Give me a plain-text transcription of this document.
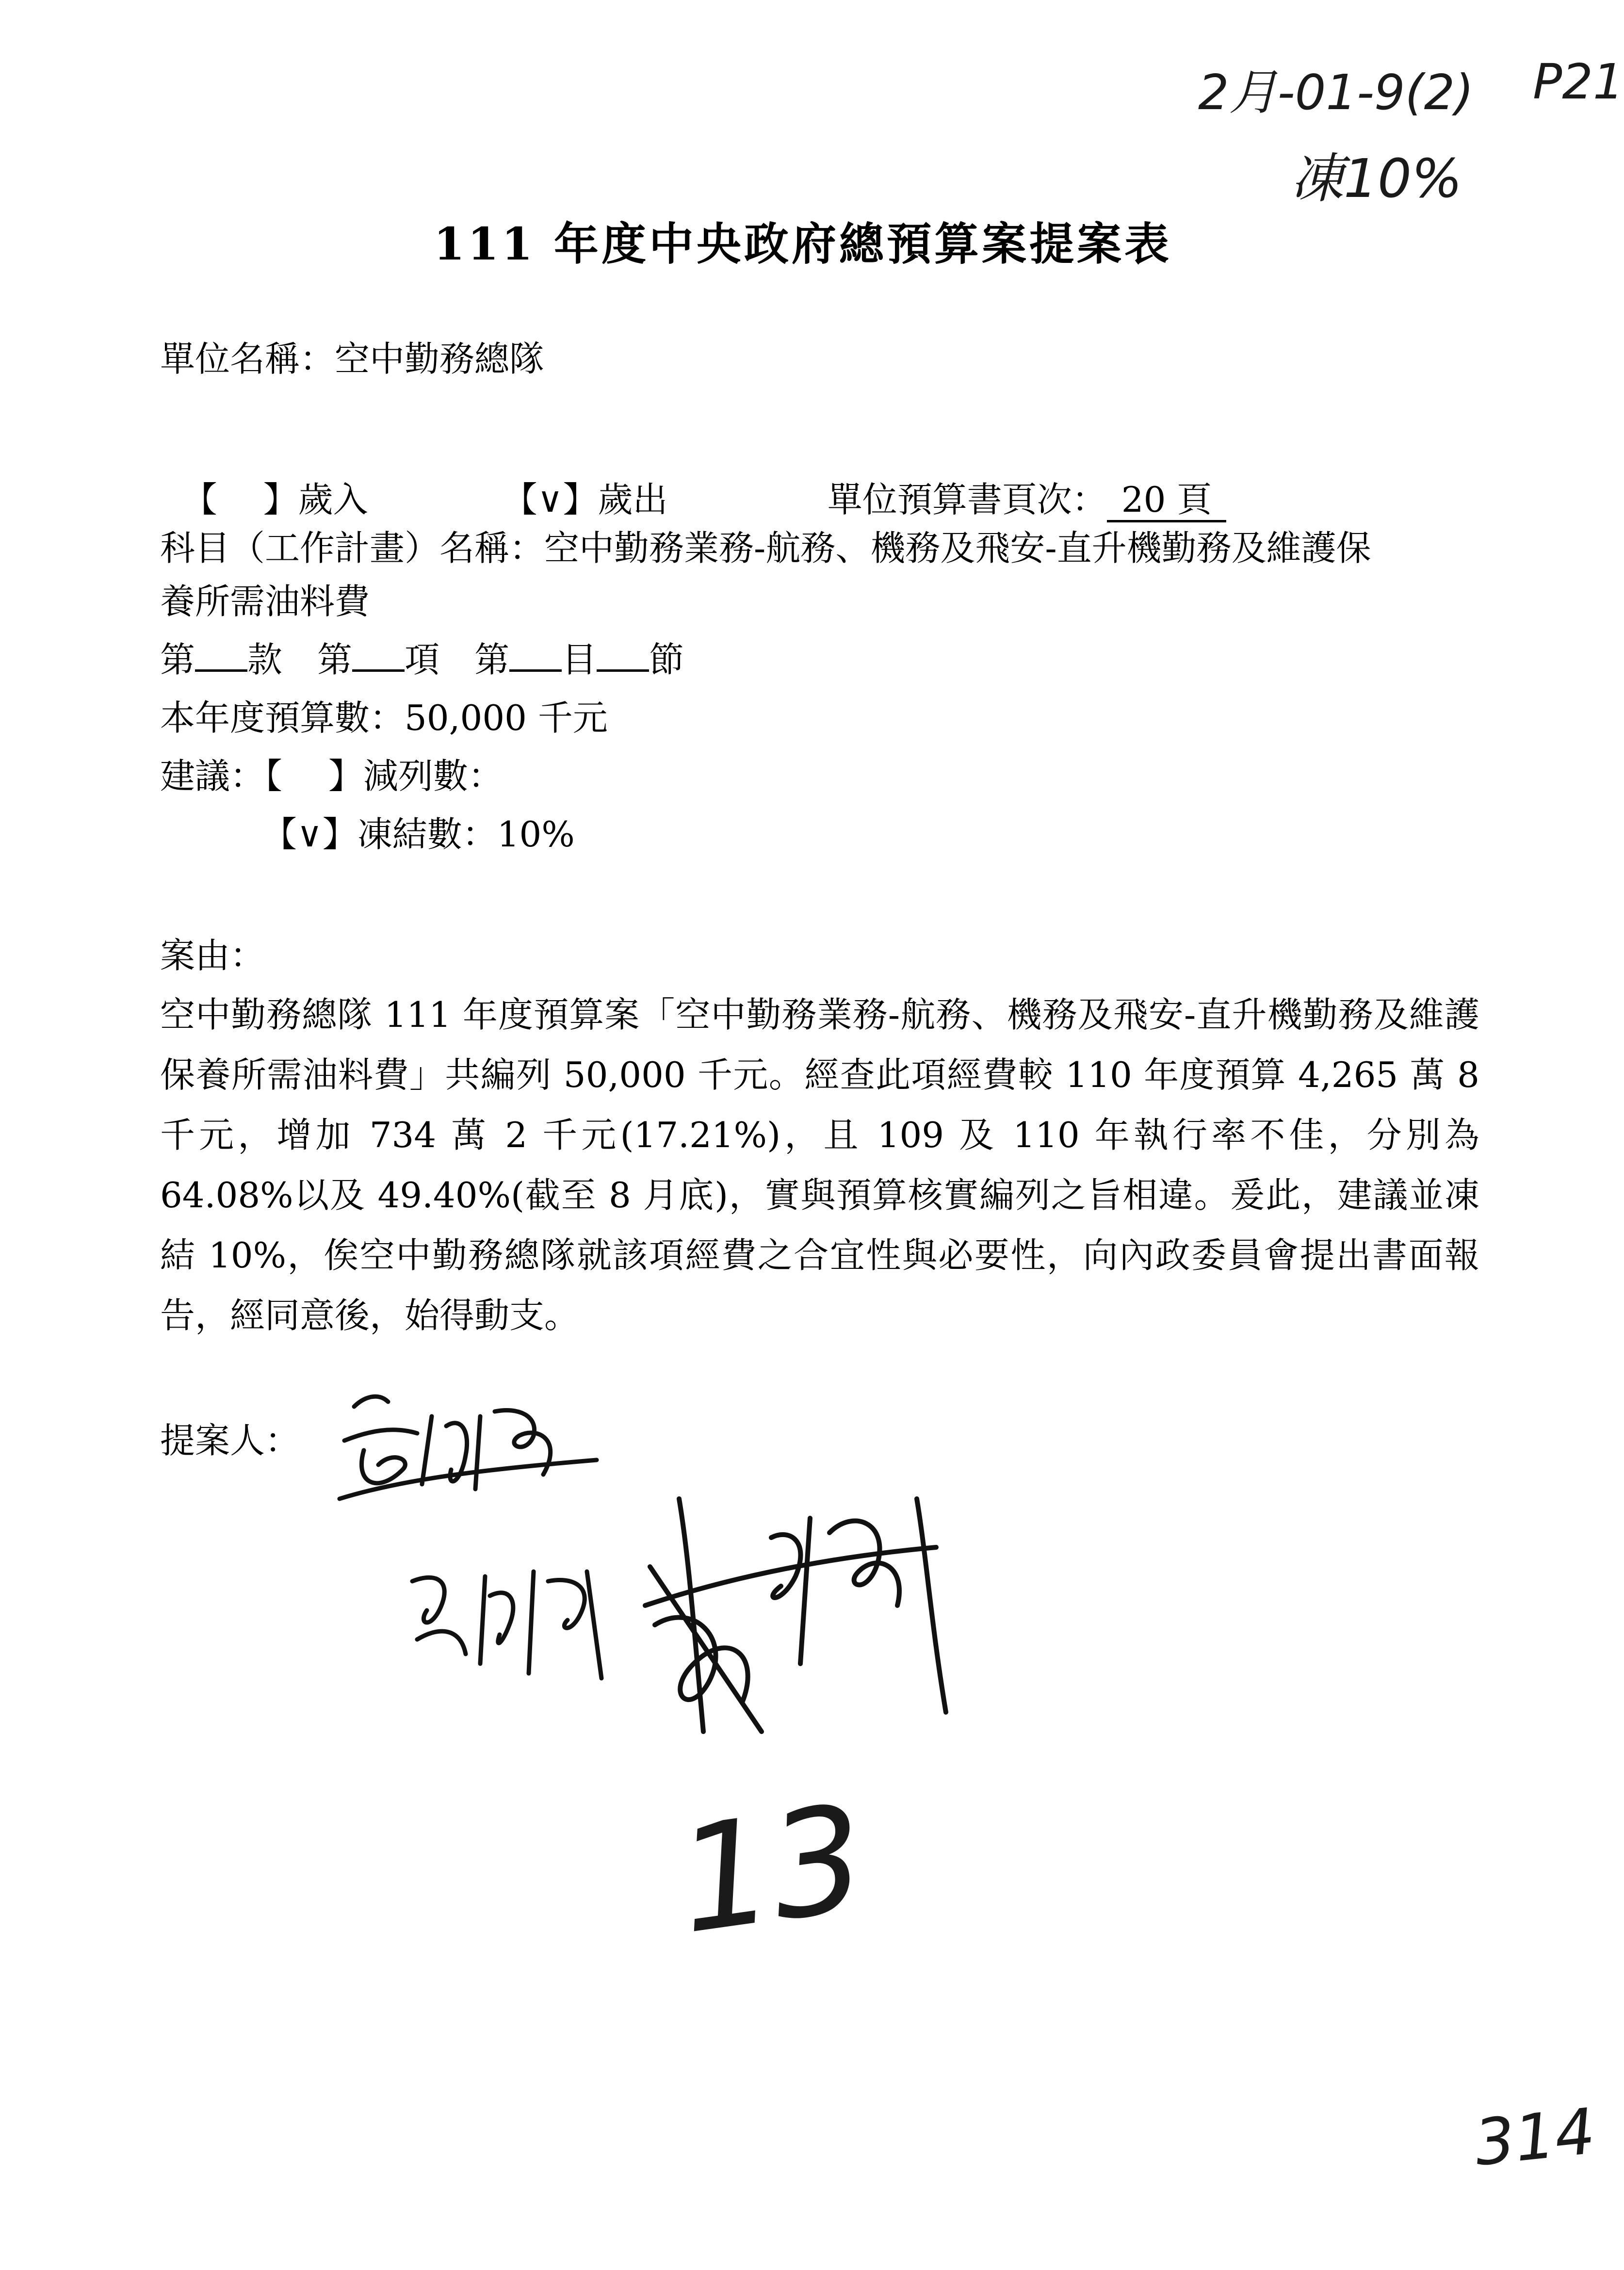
2月-01-9(2) P21
凍10%
111 年度中央政府總預算案提案表
單位名稱：空中勤務總隊

【　 】歲入	【∨】歲出	單位預算書頁次： 20 頁

科目（工作計畫）名稱：空中勤務業務-航務、機務及飛安-直升機勤務及維護保
養所需油料費
第 款　 第 項　 第 目 節
本年度預算數：50,000 千元
建議：【　 】減列數：
【∨】凍結數：10%
案由：
空中勤務總隊 111 年度預算案「空中勤務業務-航務、機務及飛安-直升機勤務及維護保養所需油料費」共編列 50,000 千元。經查此項經費較 110 年度預算 4,265 萬 8 千元，增加 734 萬 2 千元(17.21%)，且 109 及 110 年執行率不佳，分別為 64.08%以及 49.40%(截至 8 月底)，實與預算核實編列之旨相違。爰此，建議並凍結 10%，俟空中勤務總隊就該項經費之合宜性與必要性，向內政委員會提出書面報告，經同意後，始得動支。
提案人：
13
314
